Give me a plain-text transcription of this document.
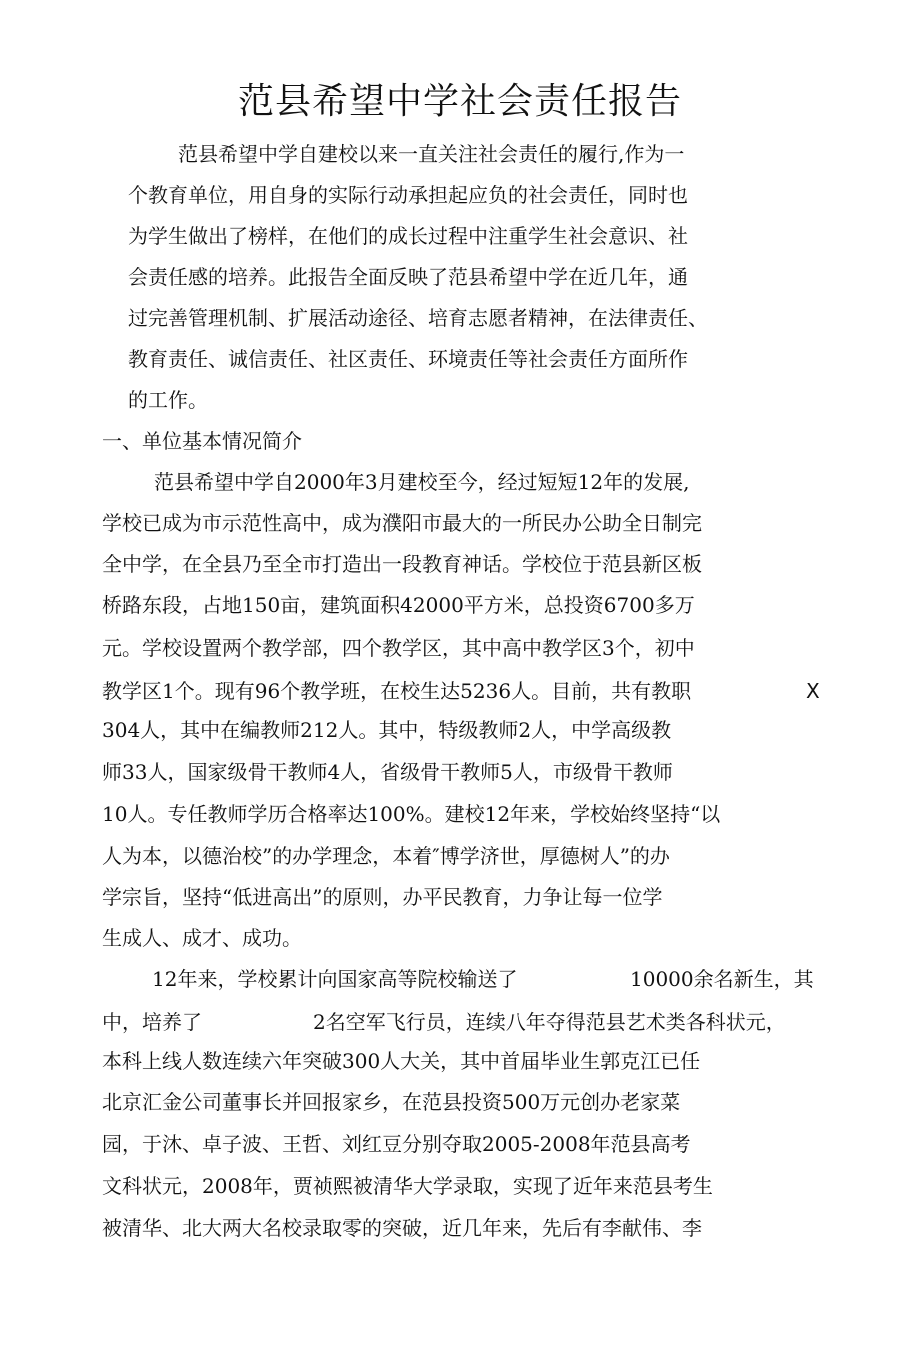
范县希望中学社会责任报告
范县希望中学自建校以来一直关注社会责任的履行,作为一
个教育单位，用自身的实际行动承担起应负的社会责任，同时也
为学生做出了榜样，在他们的成长过程中注重学生社会意识、社
会责任感的培养。此报告全面反映了范县希望中学在近几年，通
过完善管理机制、扩展活动途径、培育志愿者精神，在法律责任、
教育责任、诚信责任、社区责任、环境责任等社会责任方面所作
的工作。
一、单位基本情况简介
范县希望中学自2000年3月建校至今，经过短短12年的发展,
学校已成为市示范性高中，成为濮阳市最大的一所民办公助全日制完
全中学，在全县乃至全市打造出一段教育神话。学校位于范县新区板
桥路东段，占地150亩，建筑面积42000平方米，总投资6700多万
元。学校设置两个教学部，四个教学区，其中高中教学区3个，初中
教学区1个。现有96个教学班，在校生达5236人。目前，共有教职	X
304人，其中在编教师212人。其中，特级教师2人，中学高级教
师33人，国家级骨干教师4人，省级骨干教师5人，市级骨干教师
10人。专任教师学历合格率达100%。建校12年来，学校始终坚持“以
人为本，以德治校”的办学理念，本着″博学济世，厚德树人”的办
学宗旨，坚持“低进高出”的原则，办平民教育，力争让每一位学
生成人、成才、成功。
12年来，学校累计向国家高等院校输送了	10000余名新生，其
中，培养了	2名空军飞行员，连续八年夺得范县艺术类各科状元，
本科上线人数连续六年突破300人大关，其中首届毕业生郭克江已任
北京汇金公司董事长并回报家乡，在范县投资500万元创办老家菜
园，于沐、卓子波、王哲、刘红豆分别夺取2005-2008年范县高考
文科状元，2008年，贾祯熙被清华大学录取，实现了近年来范县考生
被清华、北大两大名校录取零的突破，近几年来，先后有李献伟、李
